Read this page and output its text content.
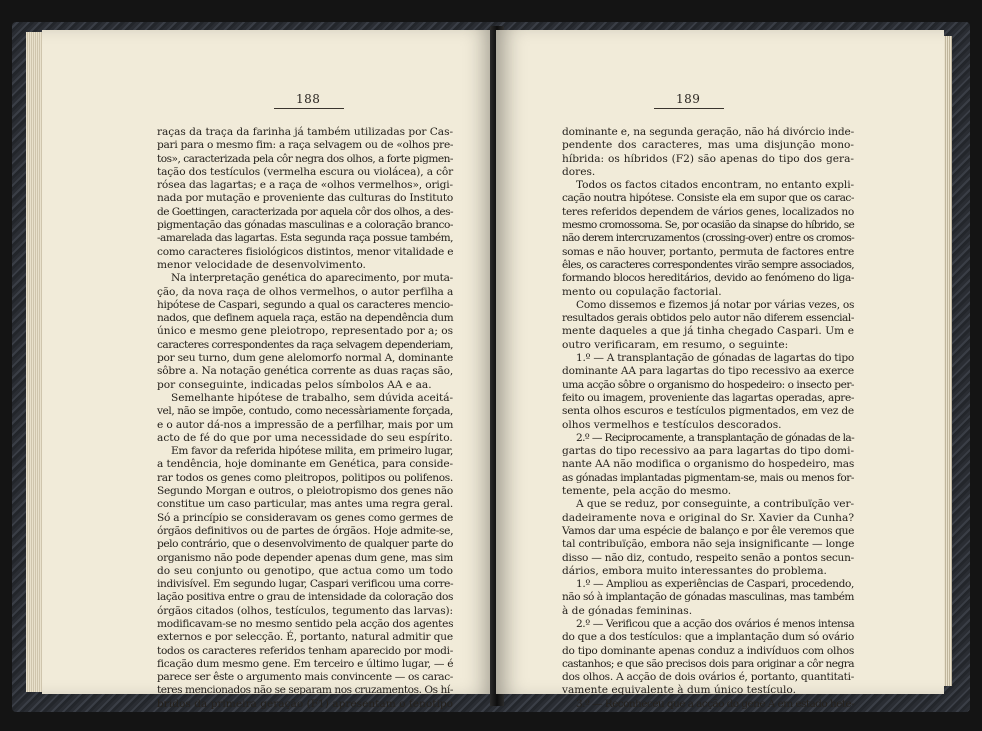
188
raças da traça da farinha já também utilizadas por Cas-
pari para o mesmo fim: a raça selvagem ou de «olhos pre-
tos», caracterizada pela côr negra dos olhos, a forte pigmen-
tação dos testículos (vermelha escura ou violácea), a côr
rósea das lagartas; e a raça de «olhos vermelhos», origi-
nada por mutação e proveniente das culturas do Instituto
de Goettingen, caracterizada por aquela côr dos olhos, a des-
pigmentação das gónadas masculinas e a coloração branco-
-amarelada das lagartas. Esta segunda raça possue também,
como caracteres fisiológicos distintos, menor vitalidade e
menor velocidade de desenvolvimento.
Na interpretação genética do aparecimento, por muta-
ção, da nova raça de olhos vermelhos, o autor perfilha a
hipótese de Caspari, segundo a qual os caracteres mencio-
nados, que definem aquela raça, estão na dependência dum
único e mesmo gene pleiotropo, representado por a; os
caracteres correspondentes da raça selvagem dependeriam,
por seu turno, dum gene alelomorfo normal A, dominante
sôbre a. Na notação genética corrente as duas raças são,
por conseguinte, indicadas pelos símbolos AA e aa.
Semelhante hipótese de trabalho, sem dúvida aceitá-
vel, não se impõe, contudo, como necessàriamente forçada,
e o autor dá-nos a impressão de a perfilhar, mais por um
acto de fé do que por uma necessidade do seu espírito.
Em favor da referida hipótese milita, em primeiro lugar,
a tendência, hoje dominante em Genética, para conside-
rar todos os genes como pleitropos, politipos ou polifenos.
Segundo Morgan e outros, o pleiotropismo dos genes não
constitue um caso particular, mas antes uma regra geral.
Só a princípio se consideravam os genes como germes de
órgãos definitivos ou de partes de órgãos. Hoje admite-se,
pelo contrário, que o desenvolvimento de qualquer parte do
organismo não pode depender apenas dum gene, mas sim
do seu conjunto ou genotipo, que actua como um todo
indivisível. Em segundo lugar, Caspari verificou uma corre-
lação positiva entre o grau de intensidade da coloração dos
órgãos citados (olhos, testículos, tegumento das larvas):
modificavam-se no mesmo sentido pela acção dos agentes
externos e por selecção. É, portanto, natural admitir que
todos os caracteres referidos tenham aparecido por modi-
ficação dum mesmo gene. Em terceiro e último lugar, — é
parece ser êste o argumento mais convincente — os carac-
teres mencionados não se separam nos cruzamentos. Os hí-
bridos da primeira geração (F1) apresentam o fenotipo
189
dominante e, na segunda geração, não há divórcio inde-
pendente dos caracteres, mas uma disjunção mono-
híbrida: os híbridos (F2) são apenas do tipo dos gera-
dores.
Todos os factos citados encontram, no entanto expli-
cação noutra hipótese. Consiste ela em supor que os carac-
teres referidos dependem de vários genes, localizados no
mesmo cromossoma. Se, por ocasião da sinapse do híbrido, se
não derem intercruzamentos (crossing-over) entre os cromos-
somas e não houver, portanto, permuta de factores entre
êles, os caracteres correspondentes virão sempre associados,
formando blocos hereditários, devido ao fenómeno do liga-
mento ou copulação factorial.
Como dissemos e fizemos já notar por várias vezes, os
resultados gerais obtidos pelo autor não diferem essencial-
mente daqueles a que já tinha chegado Caspari. Um e
outro verificaram, em resumo, o seguinte:
1.º — A transplantação de gónadas de lagartas do tipo
dominante AA para lagartas do tipo recessivo aa exerce
uma acção sôbre o organismo do hospedeiro: o insecto per-
feito ou imagem, proveniente das lagartas operadas, apre-
senta olhos escuros e testículos pigmentados, em vez de
olhos vermelhos e testículos descorados.
2.º — Reciprocamente, a transplantação de gónadas de la-
gartas do tipo recessivo aa para lagartas do tipo domi-
nante AA não modifica o organismo do hospedeiro, mas
as gónadas implantadas pigmentam-se, mais ou menos for-
temente, pela acção do mesmo.
A que se reduz, por conseguinte, a contribuïção ver-
dadeiramente nova e original do Sr. Xavier da Cunha?
Vamos dar uma espécie de balanço e por êle veremos que
tal contribuïção, embora não seja insignificante — longe
disso — não diz, contudo, respeito senão a pontos secun-
dários, embora muito interessantes do problema.
1.º — Ampliou as experiências de Caspari, procedendo,
não só à implantação de gónadas masculinas, mas também
à de gónadas femininas.
2.º — Verificou que a acção dos ovários é menos intensa
do que a dos testículos: que a implantação dum só ovário
do tipo dominante apenas conduz a indivíduos com olhos
castanhos; e que são precisos dois para originar a côr negra
dos olhos. A acção de dois ovários é, portanto, quantitati-
vamente equivalente à dum único testículo.
3.º — Reconheceu que a acção do gene A em estado hete-
